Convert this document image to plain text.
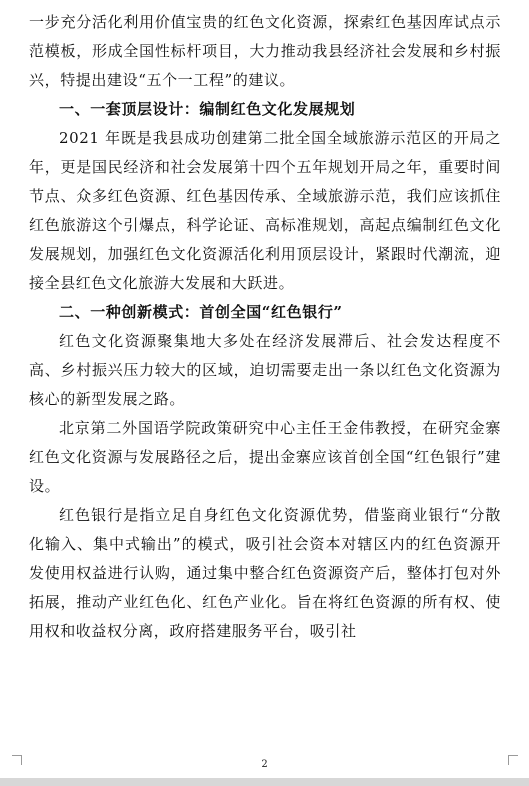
一步充分活化利用价值宝贵的红色文化资源，探索红色基因库试点示范模板，形成全国性标杆项目，大力推动我县经济社会发展和乡村振兴，特提出建设“五个一工程”的建议。

一、一套顶层设计：编制红色文化发展规划

2021 年既是我县成功创建第二批全国全域旅游示范区的开局之年，更是国民经济和社会发展第十四个五年规划开局之年，重要时间节点、众多红色资源、红色基因传承、全域旅游示范，我们应该抓住红色旅游这个引爆点，科学论证、高标准规划，高起点编制红色文化发展规划，加强红色文化资源活化利用顶层设计，紧跟时代潮流，迎接全县红色文化旅游大发展和大跃进。

二、一种创新模式：首创全国“红色银行”

红色文化资源聚集地大多处在经济发展滞后、社会发达程度不高、乡村振兴压力较大的区域，迫切需要走出一条以红色文化资源为核心的新型发展之路。

北京第二外国语学院政策研究中心主任王金伟教授，在研究金寨红色文化资源与发展路径之后，提出金寨应该首创全国“红色银行”建设。

红色银行是指立足自身红色文化资源优势，借鉴商业银行“分散化输入、集中式输出”的模式，吸引社会资本对辖区内的红色资源开发使用权益进行认购，通过集中整合红色资源资产后，整体打包对外拓展，推动产业红色化、红色产业化。旨在将红色资源的所有权、使用权和收益权分离，政府搭建服务平台，吸引社

2
